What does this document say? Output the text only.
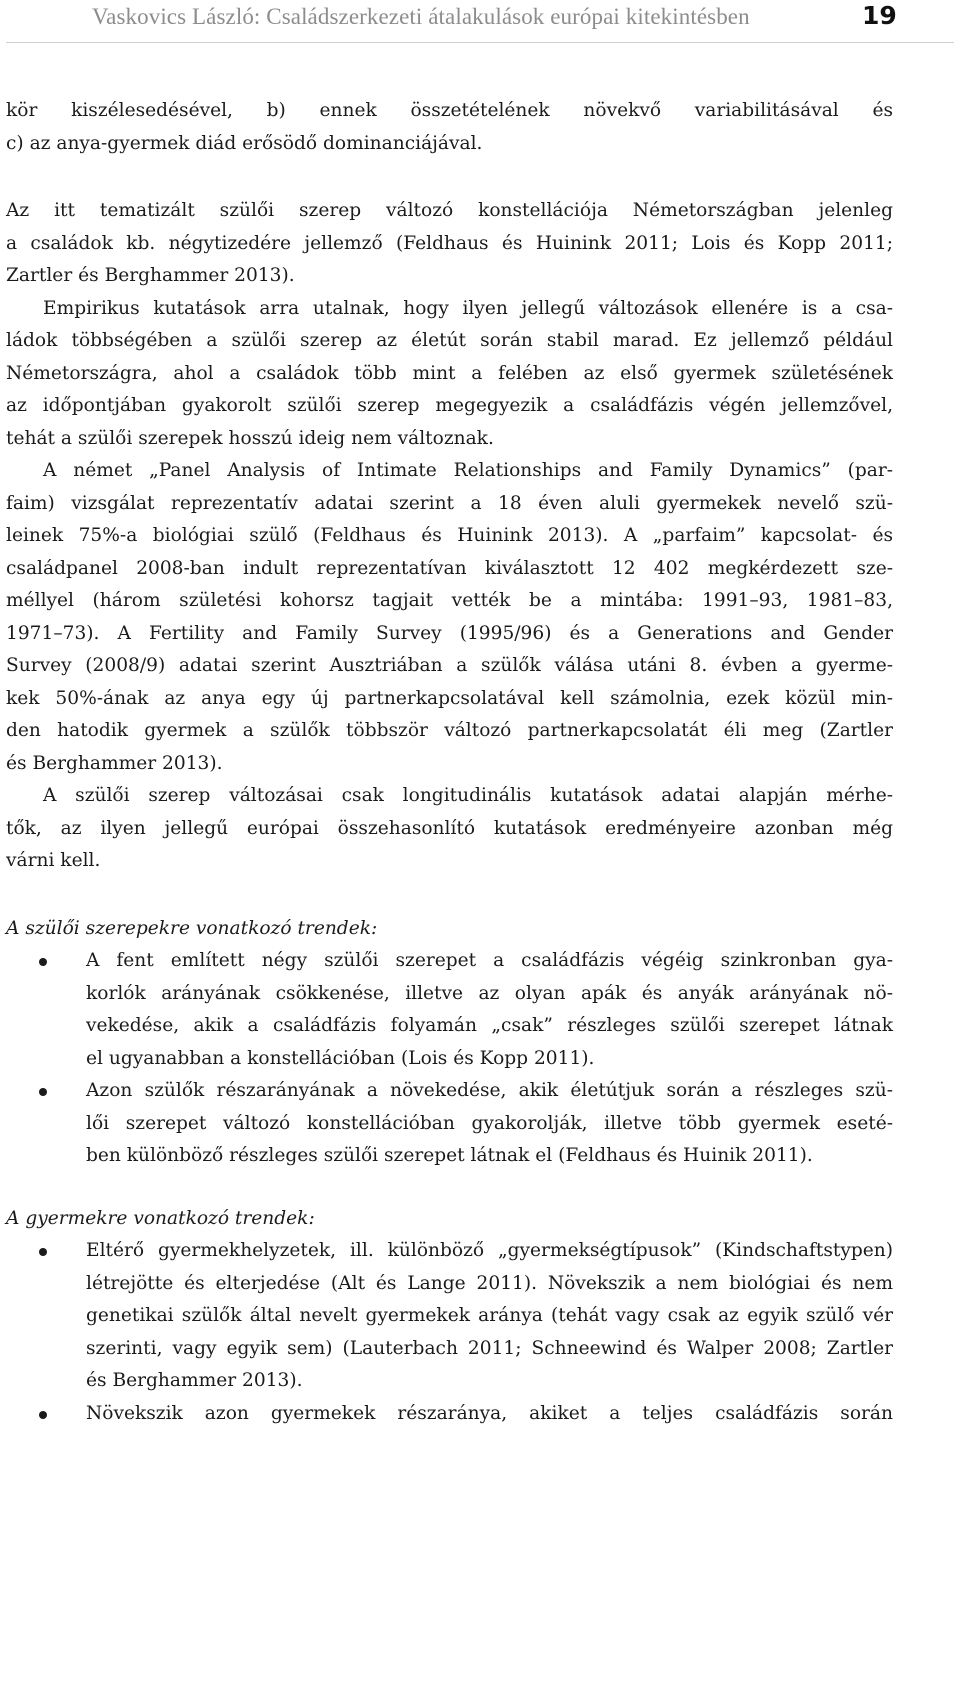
Vaskovics László: Családszerkezeti átalakulások európai kitekintésben	19
kör kiszélesedésével, b) ennek összetételének növekvő variabilitásával és
c) az anya-gyermek diád erősödő dominanciájával.
Az itt tematizált szülői szerep változó konstellációja Németországban jelenleg
a családok kb. négytizedére jellemző (Feldhaus és Huinink 2011; Lois és Kopp 2011;
Zartler és Berghammer 2013).
Empirikus kutatások arra utalnak, hogy ilyen jellegű változások ellenére is a csa-
ládok többségében a szülői szerep az életút során stabil marad. Ez jellemző például
Németországra, ahol a családok több mint a felében az első gyermek születésének
az időpontjában gyakorolt szülői szerep megegyezik a családfázis végén jellemzővel,
tehát a szülői szerepek hosszú ideig nem változnak.
A német „Panel Analysis of Intimate Relationships and Family Dynamics” (par-
faim) vizsgálat reprezentatív adatai szerint a 18 éven aluli gyermekek nevelő szü-
leinek 75%-a biológiai szülő (Feldhaus és Huinink 2013). A „parfaim” kapcsolat- és
családpanel 2008-ban indult reprezentatívan kiválasztott 12 402 megkérdezett sze-
méllyel (három születési kohorsz tagjait vették be a mintába: 1991–93, 1981–83,
1971–73). A Fertility and Family Survey (1995/96) és a Generations and Gender
Survey (2008/9) adatai szerint Ausztriában a szülők válása utáni 8. évben a gyerme-
kek 50%-ának az anya egy új partnerkapcsolatával kell számolnia, ezek közül min-
den hatodik gyermek a szülők többször változó partnerkapcsolatát éli meg (Zartler
és Berghammer 2013).
A szülői szerep változásai csak longitudinális kutatások adatai alapján mérhe-
tők, az ilyen jellegű európai összehasonlító kutatások eredményeire azonban még
várni kell.
A szülői szerepekre vonatkozó trendek:
A fent említett négy szülői szerepet a családfázis végéig szinkronban gya-
korlók arányának csökkenése, illetve az olyan apák és anyák arányának nö-
vekedése, akik a családfázis folyamán „csak” részleges szülői szerepet látnak
el ugyanabban a konstellációban (Lois és Kopp 2011).
Azon szülők részarányának a növekedése, akik életútjuk során a részleges szü-
lői szerepet változó konstellációban gyakorolják, illetve több gyermek eseté-
ben különböző részleges szülői szerepet látnak el (Feldhaus és Huinik 2011).
A gyermekre vonatkozó trendek:
Eltérő gyermekhelyzetek, ill. különböző „gyermekségtípusok” (Kindschaftstypen)
létrejötte és elterjedése (Alt és Lange 2011). Növekszik a nem biológiai és nem
genetikai szülők által nevelt gyermekek aránya (tehát vagy csak az egyik szülő vér
szerinti, vagy egyik sem) (Lauterbach 2011; Schneewind és Walper 2008; Zartler
és Berghammer 2013).
Növekszik azon gyermekek részaránya, akiket a teljes családfázis során
